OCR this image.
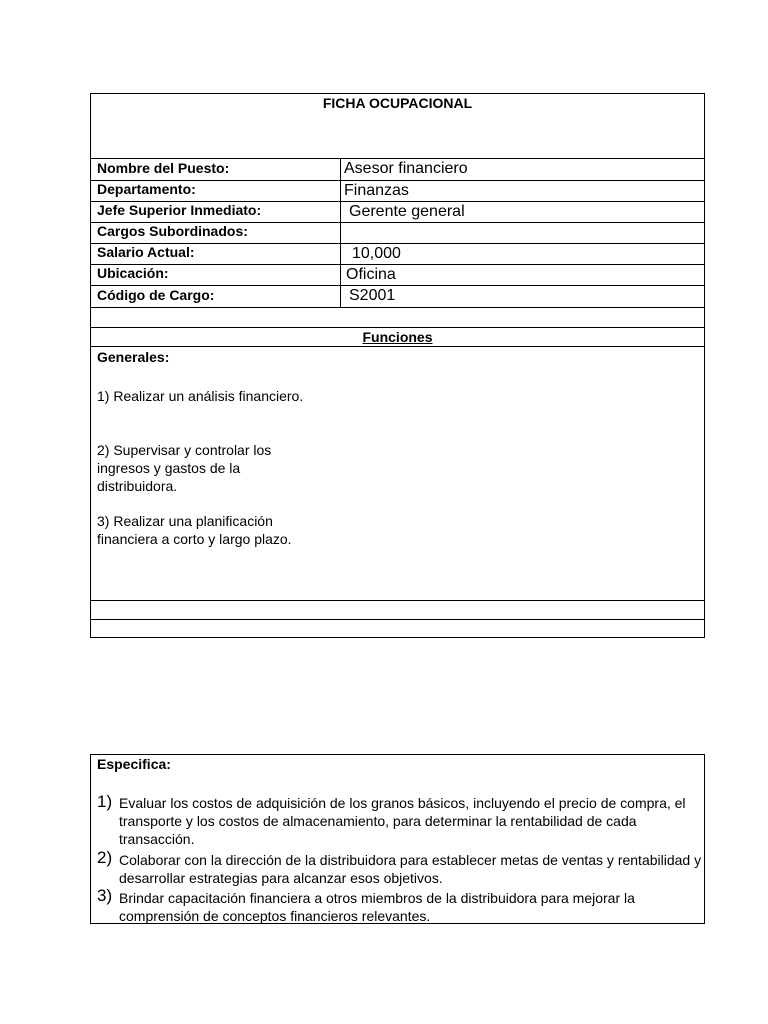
FICHA OCUPACIONAL
Nombre del Puesto:	Asesor financiero
Departamento:	Finanzas
Jefe Superior Inmediato:	Gerente general
Cargos Subordinados:
Salario Actual:	10,000
Ubicación:	Oficina
Código de Cargo:	S2001
Funciones
Generales:
1) Realizar un análisis financiero.
2) Supervisar y controlar los ingresos y gastos de la distribuidora.
3) Realizar una planificación financiera a corto y largo plazo.
Especifica:
1) Evaluar los costos de adquisición de los granos básicos, incluyendo el precio de compra, el transporte y los costos de almacenamiento, para determinar la rentabilidad de cada transacción.
2) Colaborar con la dirección de la distribuidora para establecer metas de ventas y rentabilidad y desarrollar estrategias para alcanzar esos objetivos.
3) Brindar capacitación financiera a otros miembros de la distribuidora para mejorar la comprensión de conceptos financieros relevantes.
